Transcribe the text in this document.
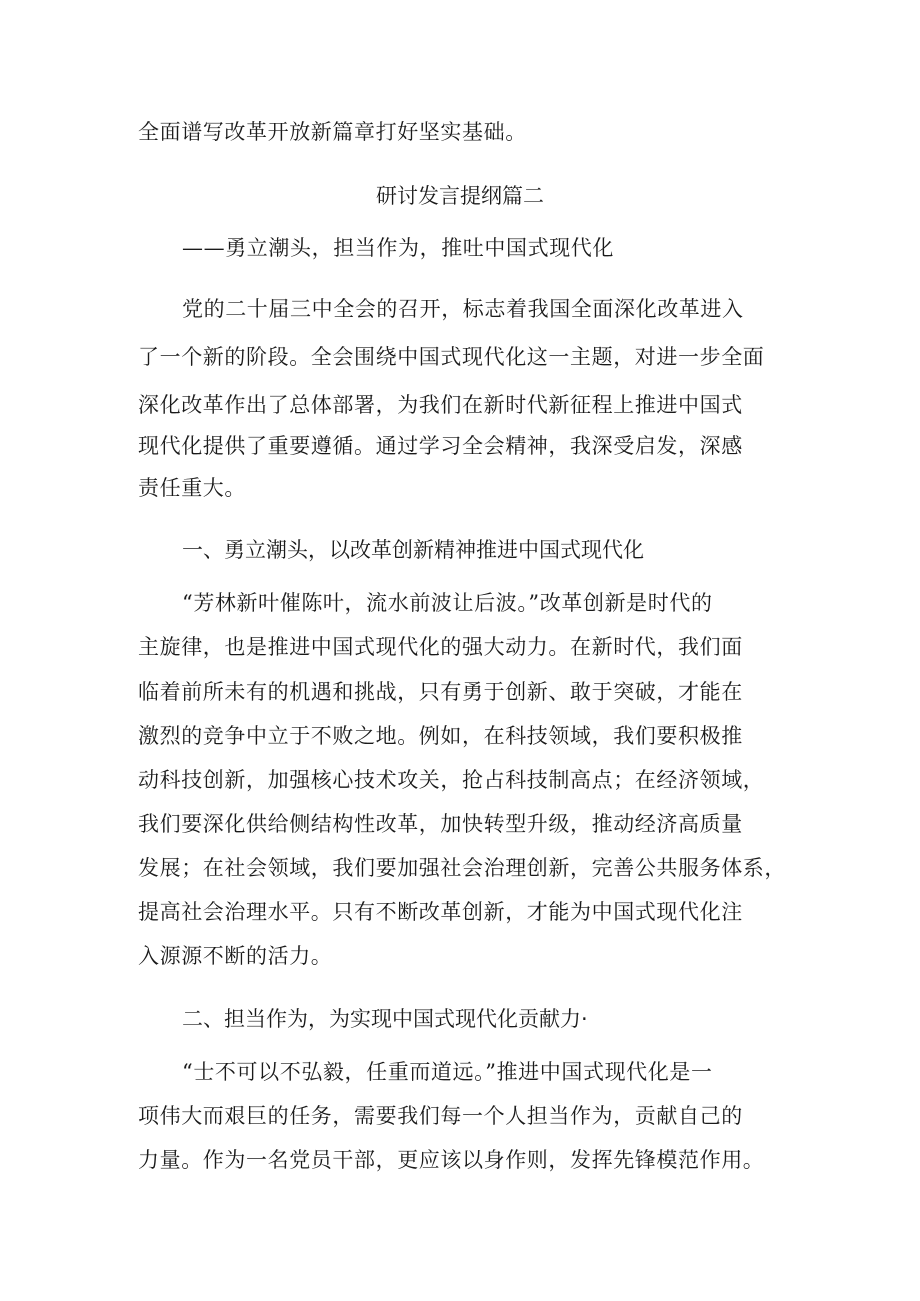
全面谱写改革开放新篇章打好坚实基础。
研讨发言提纲篇二
——勇立潮头，担当作为，推吐中国式现代化
党的二十届三中全会的召开，标志着我国全面深化改革进入
了一个新的阶段。全会围绕中国式现代化这一主题，对进一步全面
深化改革作出了总体部署，为我们在新时代新征程上推进中国式
现代化提供了重要遵循。通过学习全会精神，我深受启发，深感
责任重大。
一、勇立潮头，以改革创新精神推进中国式现代化
“芳林新叶催陈叶，流水前波让后波。”改革创新是时代的
主旋律，也是推进中国式现代化的强大动力。在新时代，我们面
临着前所未有的机遇和挑战，只有勇于创新、敢于突破，才能在
激烈的竞争中立于不败之地。例如，在科技领域，我们要积极推
动科技创新，加强核心技术攻关，抢占科技制高点；在经济领域，
我们要深化供给侧结构性改革，加快转型升级，推动经济高质量
发展；在社会领域，我们要加强社会治理创新，完善公共服务体系，
提高社会治理水平。只有不断改革创新，才能为中国式现代化注
入源源不断的活力。
二、担当作为，为实现中国式现代化贡献力·
“士不可以不弘毅，任重而道远。”推进中国式现代化是一
项伟大而艰巨的任务，需要我们每一个人担当作为，贡献自己的
力量。作为一名党员干部，更应该以身作则，发挥先锋模范作用。
